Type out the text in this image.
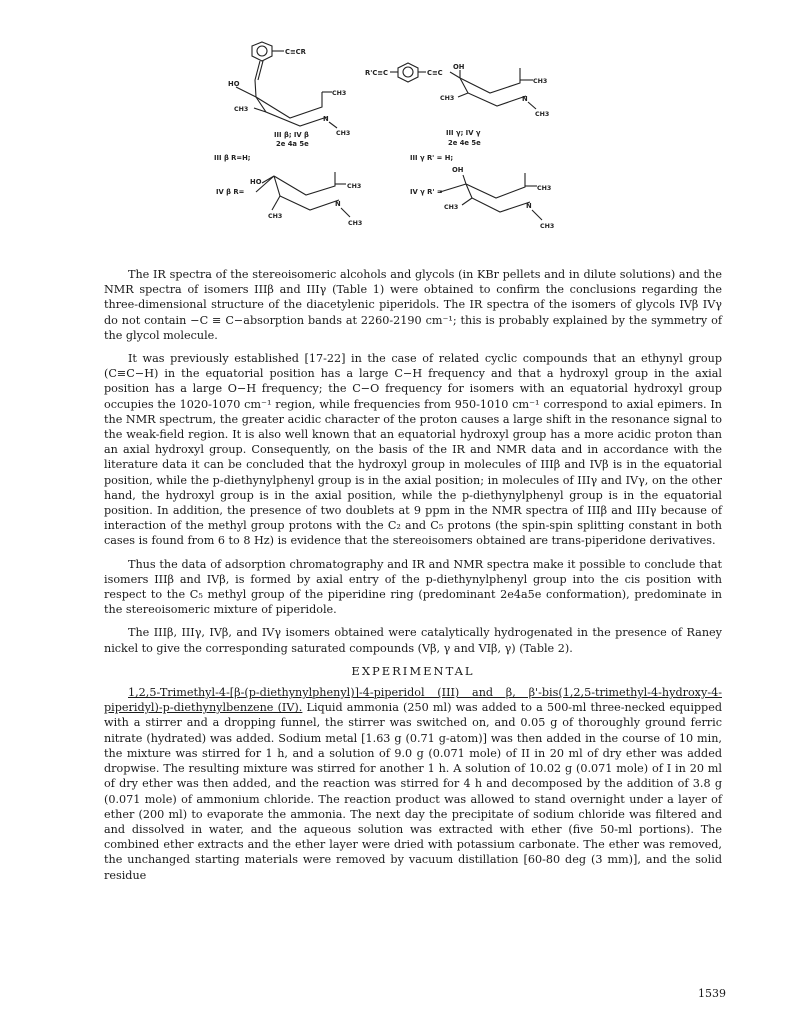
C≡CR
HO
CH3
CH3
N
CH3
III β; IV β
2e 4a 5e
R'C≡C	C≡C
OH
CH3
CH3	N
CH3
III γ; IV γ
2e 4e 5e
III β R=H;
IV β R=
III γ R' = H;
IV γ R' =
HO
CH3
CH3
N
CH3
OH
CH3
CH3	N
CH3

The IR spectra of the stereoisomeric alcohols and glycols (in KBr pellets and in dilute solutions) and the NMR spectra of isomers IIIβ and IIIγ (Table 1) were obtained to confirm the conclusions regarding the three-dimensional structure of the diacetylenic piperidols. The IR spectra of the isomers of glycols IVβ IVγ do not contain −C ≡ C−absorption bands at 2260-2190 cm⁻¹; this is probably explained by the symmetry of the glycol molecule.

It was previously established [17-22] in the case of related cyclic compounds that an ethynyl group (C≡C−H) in the equatorial position has a large C−H frequency and that a hydroxyl group in the axial position has a large O−H frequency; the C−O frequency for isomers with an equatorial hydroxyl group occupies the 1020-1070 cm⁻¹ region, while frequencies from 950-1010 cm⁻¹ correspond to axial epimers. In the NMR spectrum, the greater acidic character of the proton causes a large shift in the resonance signal to the weak-field region. It is also well known that an equatorial hydroxyl group has a more acidic proton than an axial hydroxyl group. Consequently, on the basis of the IR and NMR data and in accordance with the literature data it can be concluded that the hydroxyl group in molecules of IIIβ and IVβ is in the equatorial position, while the p-diethynylphenyl group is in the axial position; in molecules of IIIγ and IVγ, on the other hand, the hydroxyl group is in the axial position, while the p-diethynylphenyl group is in the equatorial position. In addition, the presence of two doublets at 9 ppm in the NMR spectra of IIIβ and IIIγ because of interaction of the methyl group protons with the C₂ and C₅ protons (the spin-spin splitting constant in both cases is found from 6 to 8 Hz) is evidence that the stereoisomers obtained are trans-piperidone derivatives.

Thus the data of adsorption chromatography and IR and NMR spectra make it possible to conclude that isomers IIIβ and IVβ, is formed by axial entry of the p-diethynylphenyl group into the cis position with respect to the C₅ methyl group of the piperidine ring (predominant 2e4a5e conformation), predominate in the stereoisomeric mixture of piperidole.

The IIIβ, IIIγ, IVβ, and IVγ isomers obtained were catalytically hydrogenated in the presence of Raney nickel to give the corresponding saturated compounds (Vβ, γ and VIβ, γ) (Table 2).

EXPERIMENTAL

1,2,5-Trimethyl-4-[β-(p-diethynylphenyl)]-4-piperidol (III) and β, β'-bis(1,2,5-trimethyl-4-hydroxy-4-piperidyl)-p-diethynylbenzene (IV). Liquid ammonia (250 ml) was added to a 500-ml three-necked equipped with a stirrer and a dropping funnel, the stirrer was switched on, and 0.05 g of thoroughly ground ferric nitrate (hydrated) was added. Sodium metal [1.63 g (0.71 g-atom)] was then added in the course of 10 min, the mixture was stirred for 1 h, and a solution of 9.0 g (0.071 mole) of II in 20 ml of dry ether was added dropwise. The resulting mixture was stirred for another 1 h. A solution of 10.02 g (0.071 mole) of I in 20 ml of dry ether was then added, and the reaction was stirred for 4 h and decomposed by the addition of 3.8 g (0.071 mole) of ammonium chloride. The reaction product was allowed to stand overnight under a layer of ether (200 ml) to evaporate the ammonia. The next day the precipitate of sodium chloride was filtered and and dissolved in water, and the aqueous solution was extracted with ether (five 50-ml portions). The combined ether extracts and the ether layer were dried with potassium carbonate. The ether was removed, the unchanged starting materials were removed by vacuum distillation [60-80 deg (3 mm)], and the solid residue

1539
